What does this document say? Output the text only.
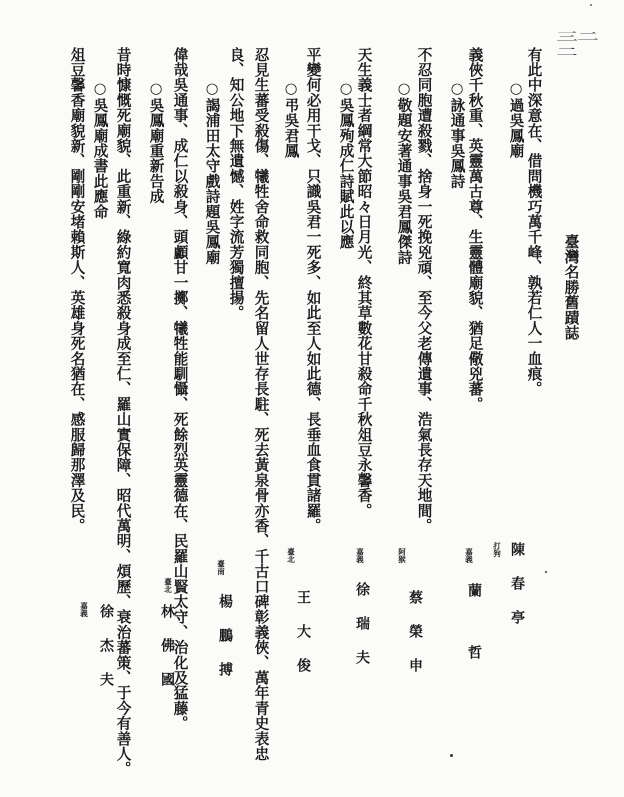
三二二
臺灣名勝舊蹟誌
有此中深意在、借問機巧萬千峰、孰若仁人一血痕。
○過吳鳳廟
義俠千秋重、英靈萬古尊、生靈體廟貌、猶足儆兇蕃。
○詠通事吳鳳詩
不忍同胞遭殺戮、捨身一死挽兇頑、至今父老傳遺事、浩氣長存天地間。
○敬題安著通事吳君鳳傑詩
天生義士者綱常大節昭々日月光、終其草數花甘殺命千秋俎豆永馨香。
○吳鳳殉成仁詩賦此以應
平變何必用干戈、只識吳君一死多、如此至人如此德、長垂血食貫諸羅。
○弔吳君鳳
忍見生蕃受殺傷、犧牲舍命救同胞、先名留人世存長駐、死去黃泉骨亦香、千古口碑彰義俠、萬年青史表忠
良、知公地下無遺憾、姓字流芳獨擅揚。
○謁浦田太守戲詩題吳鳳廟
偉哉吳通事、成仁以殺身、頭顱甘一擲、犧牲能馴懾、死餘烈英靈德在、民羅山賢太守、治化及猛藤。
○吳鳳廟重新告成
昔時慷慨死廟貌、此重新、綠約寬肉悉殺身成至仁、羅山實保障、昭代萬明、煩歷、衰治蕃策、于今有善人。
俎豆馨香廟貌新、剛剛安堵賴斯人、英雄身死名猶在、感服歸那澤及民。 ○吳鳳廟成書此應命
打狗 陳春亭
嘉義
蘭哲
阿猴
蔡榮申
嘉義
徐瑞夫
臺北
王大俊
臺南
楊鵬搏
臺北
林佛國
嘉義 徐杰夫
